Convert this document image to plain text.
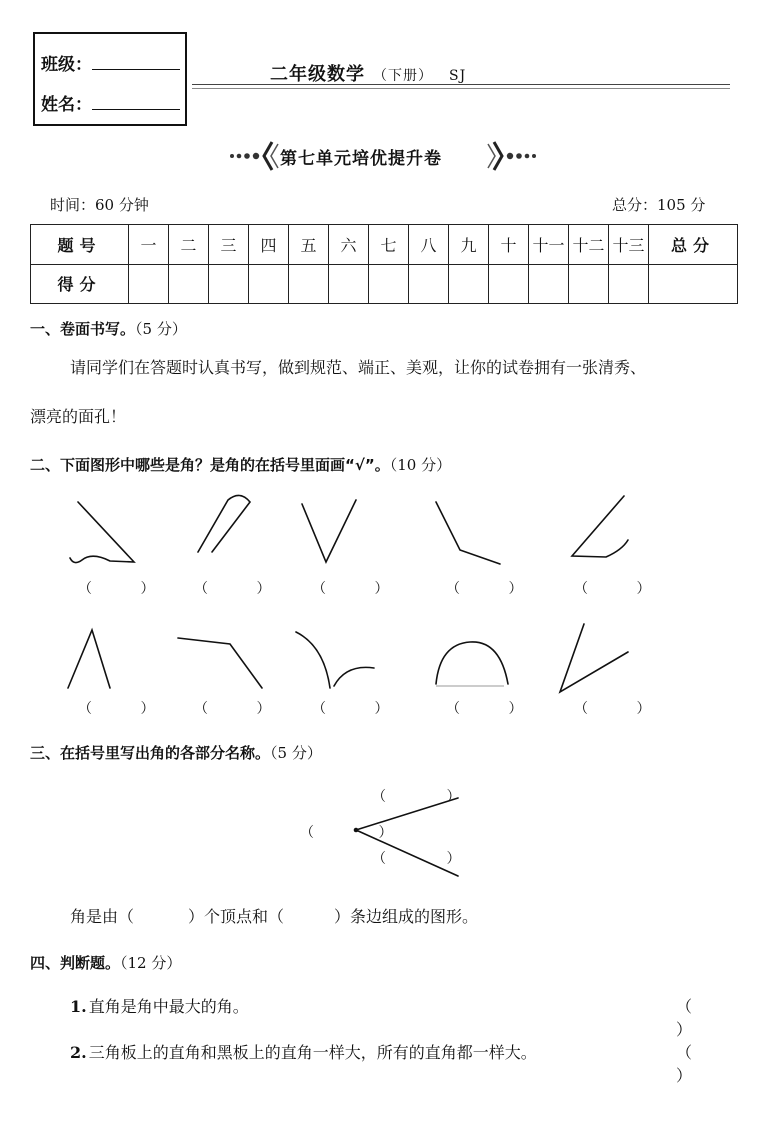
班级：
姓名：
二年级数学 （下册） SJ
第七单元培优提升卷
时间：60 分钟	总分：105 分
题号	一	二	三	四	五	六	七	八	九	十	十一	十二	十三	总分
得分														
一、卷面书写。（5 分）
请同学们在答题时认真书写，做到规范、端正、美观，让你的试卷拥有一张清秀、
漂亮的面孔！
二、下面图形中哪些是角？是角的在括号里面画“√”。（10 分）
（ ） （ ） （ ）	（ ） （ ）
（ ） （ ） （ ）	（ ） （ ）
三、在括号里写出角的各部分名称。（5 分）
（ ）
（ ）
（ ）
角是由（	）个顶点和（	）条边组成的图形。
四、判断题。（12 分）
1. 直角是角中最大的角。	（ ）
2. 三角板上的直角和黑板上的直角一样大，所有的直角都一样大。	（ ）
